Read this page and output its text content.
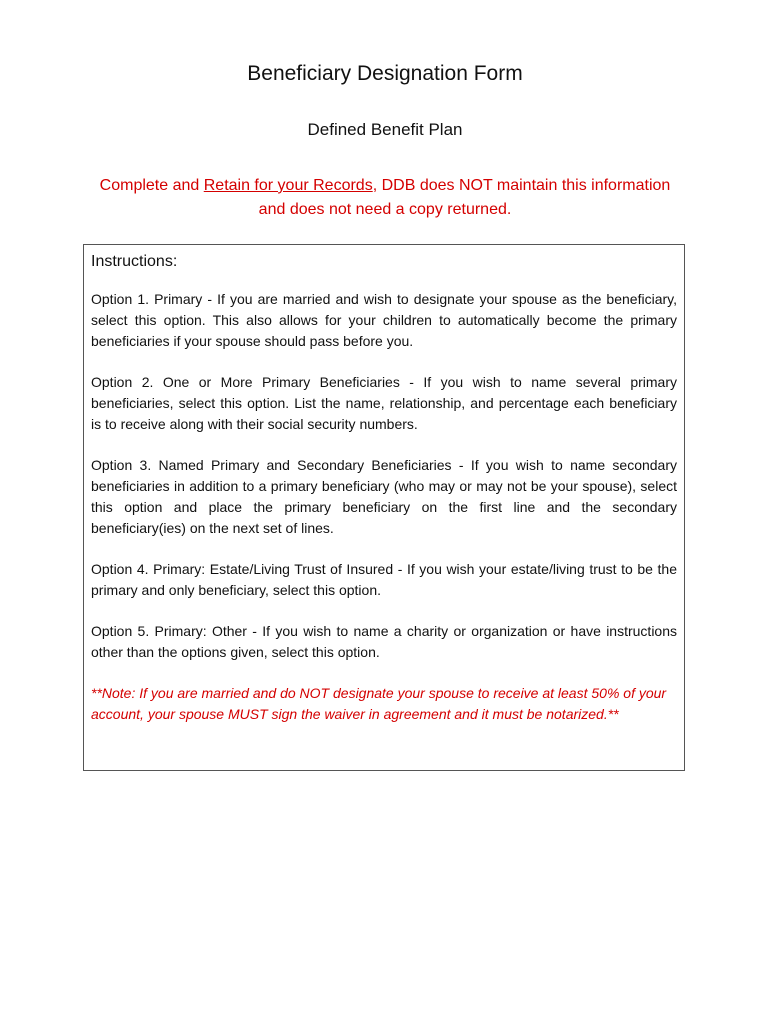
Beneficiary Designation Form
Defined Benefit Plan
Complete and Retain for your Records, DDB does NOT maintain this information and does not need a copy returned.
Instructions:

Option 1. Primary - If you are married and wish to designate your spouse as the beneficiary, select this option. This also allows for your children to automatically become the primary beneficiaries if your spouse should pass before you.

Option 2. One or More Primary Beneficiaries - If you wish to name several primary beneficiaries, select this option. List the name, relationship, and percentage each beneficiary is to receive along with their social security numbers.

Option 3. Named Primary and Secondary Beneficiaries - If you wish to name secondary beneficiaries in addition to a primary beneficiary (who may or may not be your spouse), select this option and place the primary beneficiary on the first line and the secondary beneficiary(ies) on the next set of lines.

Option 4. Primary: Estate/Living Trust of Insured - If you wish your estate/living trust to be the primary and only beneficiary, select this option.

Option 5. Primary: Other - If you wish to name a charity or organization or have instructions other than the options given, select this option.

**Note: If you are married and do NOT designate your spouse to receive at least 50% of your account, your spouse MUST sign the waiver in agreement and it must be notarized.**
